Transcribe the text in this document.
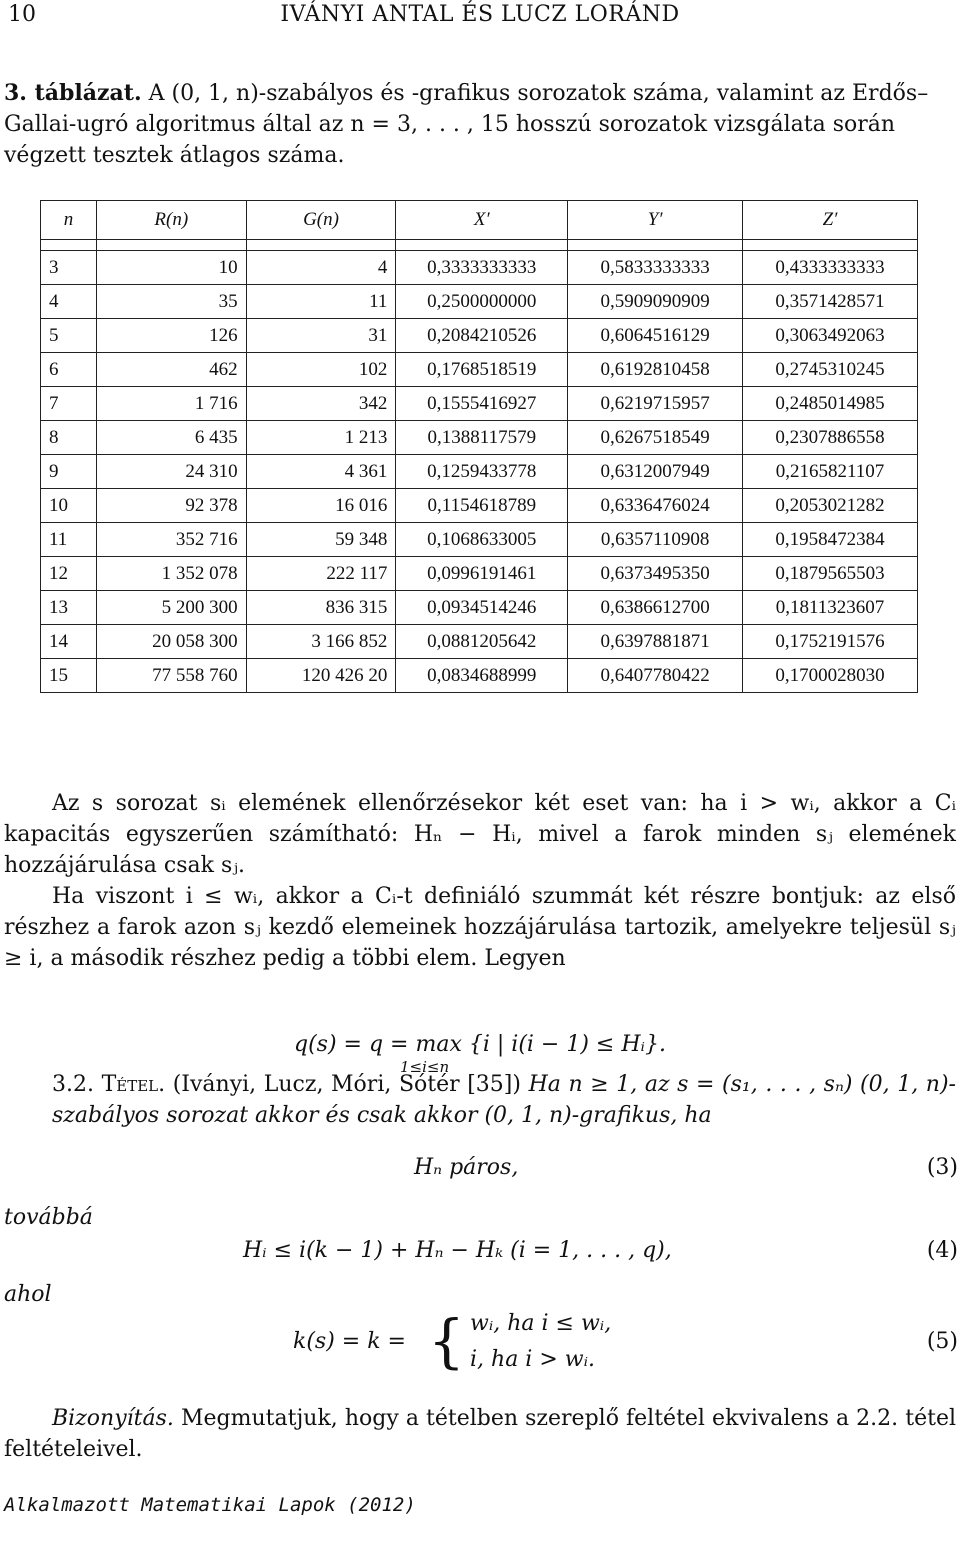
10	IVÁNYI ANTAL ÉS LUCZ LORÁND
3. táblázat. A (0, 1, n)-szabályos és -grafikus sorozatok száma, valamint az Erdős–Gallai-ugró algoritmus által az n = 3, . . . , 15 hosszú sorozatok vizsgálata során végzett tesztek átlagos száma.
n	R(n)	G(n)	X′	Y′	Z′

3	10	4	0,3333333333	0,5833333333	0,4333333333
4	35	11	0,2500000000	0,5909090909	0,3571428571
5	126	31	0,2084210526	0,6064516129	0,3063492063
6	462	102	0,1768518519	0,6192810458	0,2745310245
7	1 716	342	0,1555416927	0,6219715957	0,2485014985
8	6 435	1 213	0,1388117579	0,6267518549	0,2307886558
9	24 310	4 361	0,1259433778	0,6312007949	0,2165821107
10	92 378	16 016	0,1154618789	0,6336476024	0,2053021282
11	352 716	59 348	0,1068633005	0,6357110908	0,1958472384
12	1 352 078	222 117	0,0996191461	0,6373495350	0,1879565503
13	5 200 300	836 315	0,0934514246	0,6386612700	0,1811323607
14	20 058 300	3 166 852	0,0881205642	0,6397881871	0,1752191576
15	77 558 760	120 426 20	0,0834688999	0,6407780422	0,1700028030
Az s sorozat sᵢ elemének ellenőrzésekor két eset van: ha i > wᵢ, akkor a Cᵢ kapacitás egyszerűen számítható: Hₙ − Hᵢ, mivel a farok minden sⱼ elemének hozzájárulása csak sⱼ.
Ha viszont i ≤ wᵢ, akkor a Cᵢ-t definiáló szummát két részre bontjuk: az első részhez a farok azon sⱼ kezdő elemeinek hozzájárulása tartozik, amelyekre teljesül sⱼ ≥ i, a második részhez pedig a többi elem. Legyen
q(s) = q = max {i | i(i − 1) ≤ Hᵢ}.
1≤i≤n
3.2. Tétel. (Iványi, Lucz, Móri, Sótér [35]) Ha n ≥ 1, az s = (s₁, . . . , sₙ) (0, 1, n)-szabályos sorozat akkor és csak akkor (0, 1, n)-grafikus, ha
Hₙ páros,	(3)
továbbá
Hᵢ ≤ i(k − 1) + Hₙ − Hₖ (i = 1, . . . , q),	(4)
ahol
k(s) = k = { wᵢ, ha i ≤ wᵢ,
i, ha i > wᵢ.
(5)
Bizonyítás. Megmutatjuk, hogy a tételben szereplő feltétel ekvivalens a 2.2. tétel feltételeivel.
Alkalmazott Matematikai Lapok (2012)
